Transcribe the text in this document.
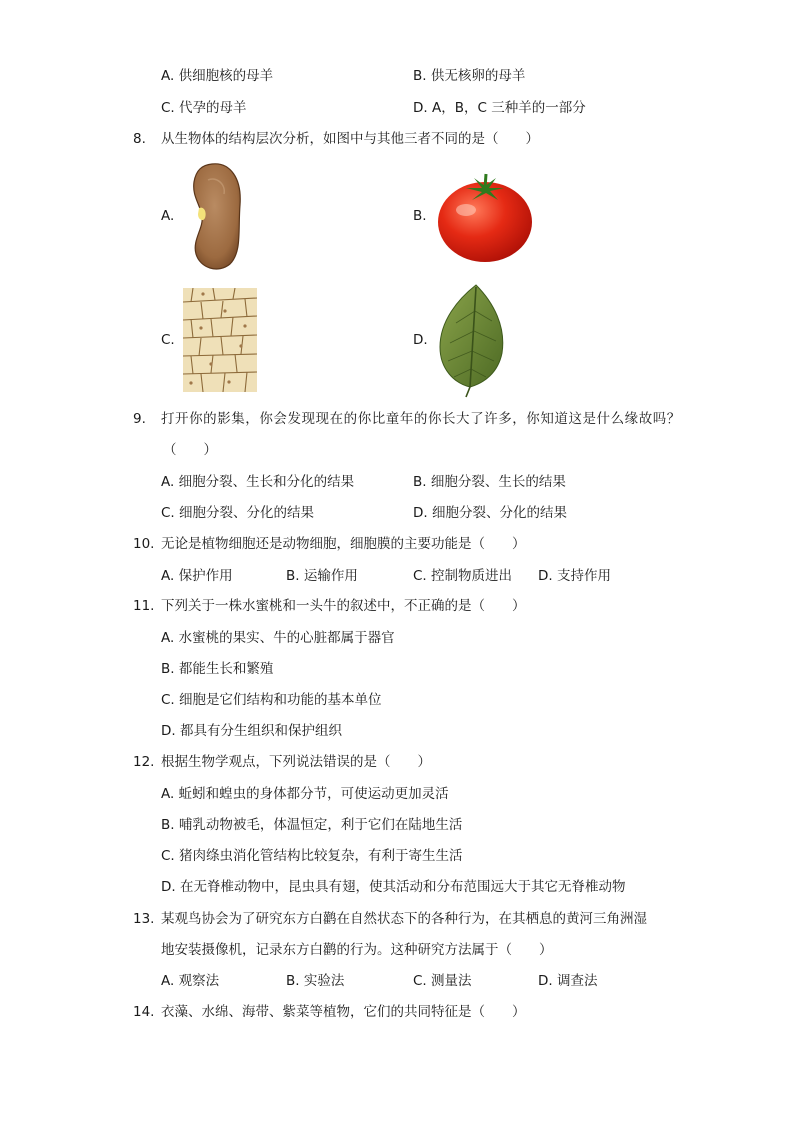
A. 供细胞核的母羊	B. 供无核卵的母羊
C. 代孕的母羊	D. A，B，C 三种羊的一部分
8. 从生物体的结构层次分析，如图中与其他三者不同的是（　　）
A.	B.
C.	D.
9. 打开你的影集，你会发现现在的你比童年的你长大了许多，你知道这是什么缘故吗？
（　　）
A. 细胞分裂、生长和分化的结果	B. 细胞分裂、生长的结果
C. 细胞分裂、分化的结果	D. 细胞分裂、分化的结果
10. 无论是植物细胞还是动物细胞，细胞膜的主要功能是（　　）
A. 保护作用	B. 运输作用	C. 控制物质进出 D. 支持作用
11. 下列关于一株水蜜桃和一头牛的叙述中，不正确的是（　　）
A. 水蜜桃的果实、牛的心脏都属于器官
B. 都能生长和繁殖
C. 细胞是它们结构和功能的基本单位
D. 都具有分生组织和保护组织
12. 根据生物学观点，下列说法错误的是（　　）
A. 蚯蚓和蝗虫的身体都分节，可使运动更加灵活
B. 哺乳动物被毛，体温恒定，利于它们在陆地生活
C. 猪肉绦虫消化管结构比较复杂，有利于寄生生活
D. 在无脊椎动物中，昆虫具有翅，使其活动和分布范围远大于其它无脊椎动物
13. 某观鸟协会为了研究东方白鹳在自然状态下的各种行为，在其栖息的黄河三角洲湿
地安装摄像机，记录东方白鹳的行为。这种研究方法属于（　　）
A. 观察法	B. 实验法	C. 测量法	D. 调查法
14. 衣藻、水绵、海带、紫菜等植物，它们的共同特征是（　　）
